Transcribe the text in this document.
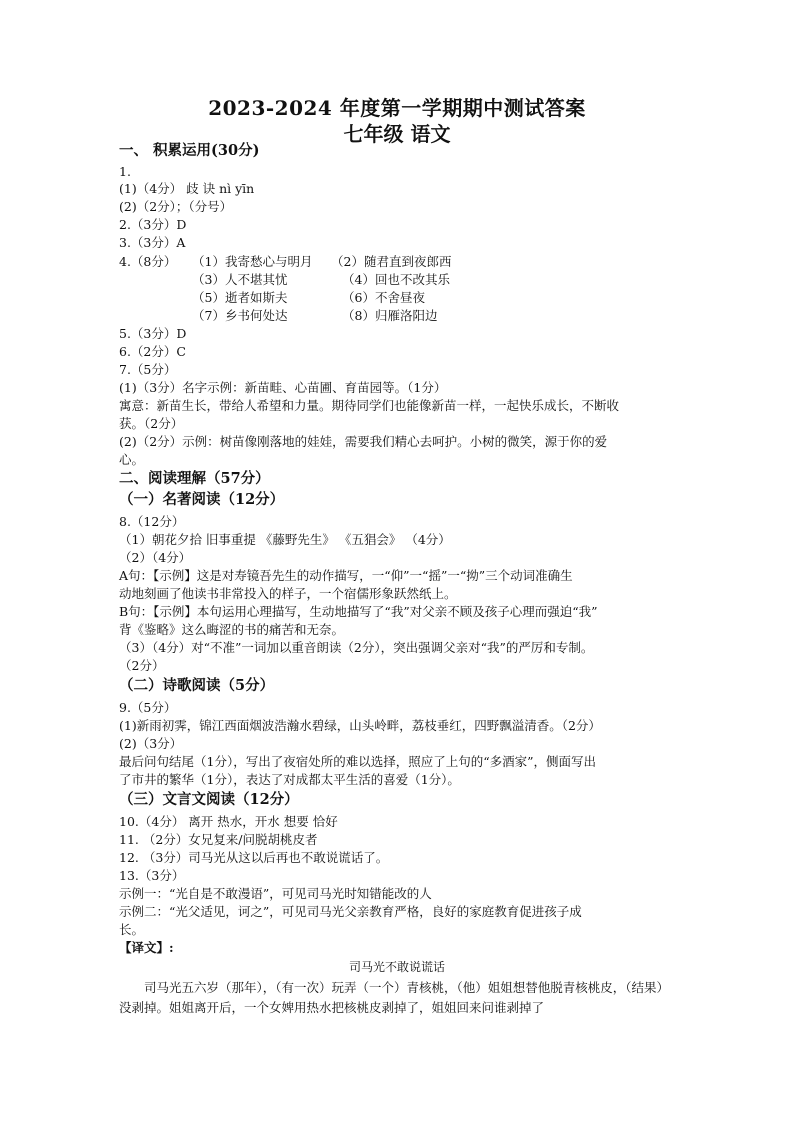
2023-2024 年度第一学期期中测试答案
七年级 语文
一、 积累运用(30分)
1.
(1)（4分） 歧 诀 nì yīn
(2)（2分）；（分号）
2.（3分）D
3.（3分）A
4.（8分） （1）我寄愁心与明月 （2）随君直到夜郎西
（3）人不堪其忧	（4）回也不改其乐
（5）逝者如斯夫	（6）不舍昼夜
（7）乡书何处达	（8）归雁洛阳边
5.（3分）D
6.（2分）C
7.（5分）
(1)（3分）名字示例：新苗畦、心苗圃、育苗园等。（1分）
寓意：新苗生长，带给人希望和力量。期待同学们也能像新苗一样，一起快乐成长，不断收
获。（2分）
(2)（2分）示例：树苗像刚落地的娃娃，需要我们精心去呵护。小树的微笑，源于你的爱
心。
二、阅读理解（57分）
（一）名著阅读（12分）
8.（12分）
（1）朝花夕拾 旧事重提 《藤野先生》 《五猖会》 （4分）
（2）（4分）
A句：【示例】这是对寿镜吾先生的动作描写，一“仰”一“摇”一“拗”三个动词准确生
动地刻画了他读书非常投入的样子，一个宿儒形象跃然纸上。
B句：【示例】本句运用心理描写，生动地描写了“我”对父亲不顾及孩子心理而强迫“我”
背《鉴略》这么晦涩的书的痛苦和无奈。
（3）（4分）对“不准”一词加以重音朗读（2分），突出强调父亲对“我”的严厉和专制。
（2分）
（二）诗歌阅读（5分）
9.（5分）
(1)新雨初霁，锦江西面烟波浩瀚水碧绿，山头岭畔，荔枝垂红，四野飘溢清香。（2分）
(2)（3分）
最后问句结尾（1分），写出了夜宿处所的难以选择，照应了上句的“多酒家”，侧面写出
了市井的繁华（1分），表达了对成都太平生活的喜爱（1分）。
（三）文言文阅读（12分）
10.（4分） 离开 热水，开水 想要 恰好
11. （2分）女兄复来/问脱胡桃皮者
12. （3分）司马光从这以后再也不敢说谎话了。
13.（3分）
示例一：“光自是不敢漫语”，可见司马光时知错能改的人
示例二：“光父适见，诃之”，可见司马光父亲教育严格，良好的家庭教育促进孩子成
长。
【译文】:
司马光不敢说谎话
司马光五六岁（那年），（有一次）玩弄（一个）青核桃，（他）姐姐想替他脱青核桃皮，（结果）没剥掉。姐姐离开后，一个女婢用热水把核桃皮剥掉了，姐姐回来问谁剥掉了
